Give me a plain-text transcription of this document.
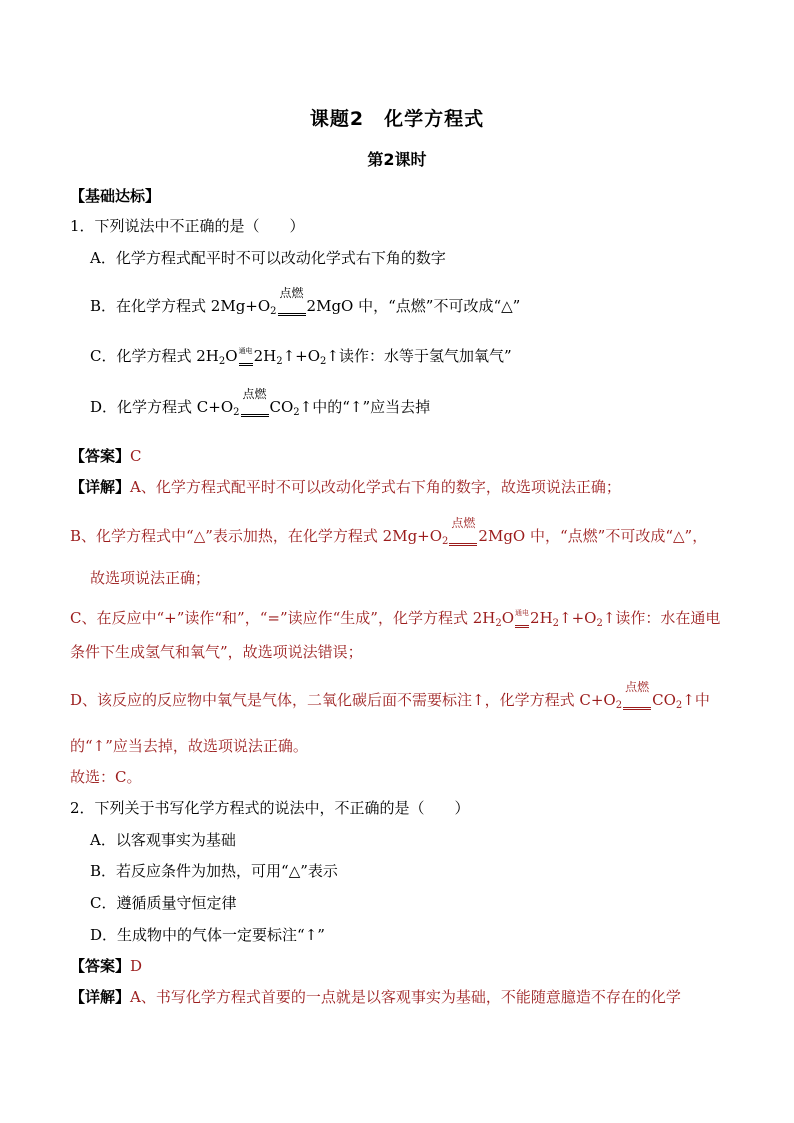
课题2　化学方程式
第2课时
【基础达标】
1．下列说法中不正确的是（　　）
A．化学方程式配平时不可以改动化学式右下角的数字
B．在化学方程式 $2Mg+O_2$
点燃
2MgO 中，“点燃”不可改成“△”
C．化学方程式 $2H_2O$ 通电 $2H_2↑+O_2↑$读作：水等于氢气加氧气”
D．化学方程式 $C+O_2$
点燃
$CO_2↑$中的“↑”应当去掉
【答案】C
【详解】A、化学方程式配平时不可以改动化学式右下角的数字，故选项说法正确；
B、化学方程式中“△”表示加热，在化学方程式 $2Mg+O_2$
点燃
2MgO 中，“点燃”不可改成“△”，
故选项说法正确；
C、在反应中“+”读作“和”，“=”读应作“生成”，化学方程式 $2H_2O$ 通电 $2H_2↑+O_2↑$读作：水在通电
条件下生成氢气和氧气”，故选项说法错误；
D、该反应的反应物中氧气是气体，二氧化碳后面不需要标注↑，化学方程式 $C+O_2$
点燃
$CO_2↑$中
的“↑”应当去掉，故选项说法正确。
故选：C。
2．下列关于书写化学方程式的说法中，不正确的是（　　）
A．以客观事实为基础
B．若反应条件为加热，可用“△”表示
C．遵循质量守恒定律
D．生成物中的气体一定要标注“↑”
【答案】D
【详解】A、书写化学方程式首要的一点就是以客观事实为基础，不能随意臆造不存在的化学
